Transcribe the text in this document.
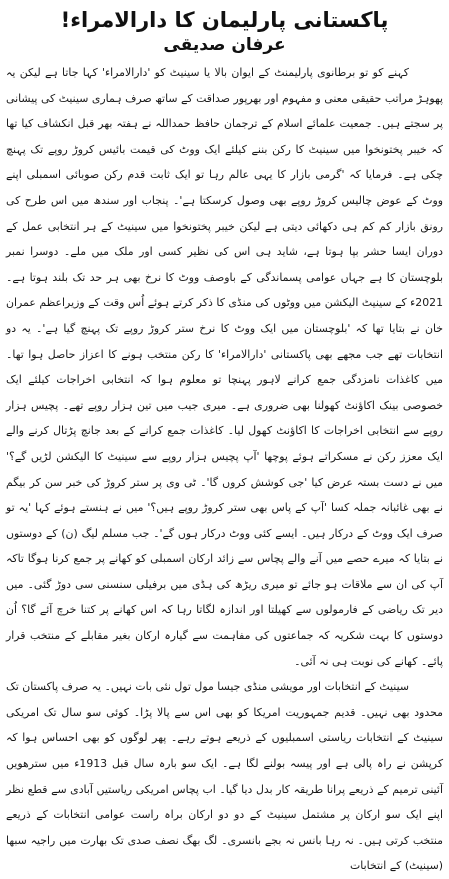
پاکستانی پارلیمان کا دارالامراء!
عرفان صدیقی

کہنے کو تو برطانوی پارلیمنٹ کے ایوان بالا یا سینیٹ کو 'دارالامراء' کہا جاتا ہے لیکن یہ پھوہڑ مراتب حقیقی معنی و مفہوم اور بھرپور صداقت کے ساتھ صرف ہماری سینیٹ کی پیشانی پر سجتے ہیں۔ جمعیت علمائے اسلام کے ترجمان حافظ حمداللہ نے ہفتہ بھر قبل انکشاف کیا تھا کہ خیبر پختونخوا میں سینیٹ کا رکن بننے کیلئے ایک ووٹ کی قیمت بائیس کروڑ روپے تک پہنچ چکی ہے۔ فرمایا کہ 'گرمی بازار کا یہی عالم رہا تو ایک ثابت قدم رکن صوبائی اسمبلی اپنے ووٹ کے عوض چالیس کروڑ روپے بھی وصول کرسکتا ہے'۔ پنجاب اور سندھ میں اس طرح کی رونق بازار کم کم ہی دکھائی دیتی ہے لیکن خیبر پختونخوا میں سینیٹ کے ہر انتخابی عمل کے دوران ایسا حشر بپا ہوتا ہے، شاید ہی اس کی نظیر کسی اور ملک میں ملے۔ دوسرا نمبر بلوچستان کا ہے جہاں عوامی پسماندگی کے باوصف ووٹ کا نرخ بھی ہر حد تک بلند ہوتا ہے۔ 2021ء کے سینیٹ الیکشن میں ووٹوں کی منڈی کا ذکر کرتے ہوئے اُس وقت کے وزیراعظم عمران خان نے بتایا تھا کہ 'بلوچستان میں ایک ووٹ کا نرخ ستر کروڑ روپے تک پہنچ گیا ہے'۔ یہ دو انتخابات تھے جب مجھے بھی پاکستانی 'دارالامراء' کا رکن منتخب ہونے کا اعزاز حاصل ہوا تھا۔ میں کاغذات نامزدگی جمع کرانے لاہور پہنچا تو معلوم ہوا کہ انتخابی اخراجات کیلئے ایک خصوصی بینک اکاؤنٹ کھولنا بھی ضروری ہے۔ میری جیب میں تین ہزار روپے تھے۔ پچیس ہزار روپے سے انتخابی اخراجات کا اکاؤنٹ کھول لیا۔ کاغذات جمع کرانے کے بعد جانچ پڑتال کرنے والے ایک معزز رکن نے مسکراتے ہوئے پوچھا 'آپ پچیس ہزار روپے سے سینیٹ کا الیکشن لڑیں گے؟' میں نے دست بستہ عرض کیا 'جی کوشش کروں گا'۔ ٹی وی پر ستر کروڑ کی خبر سن کر بیگم نے بھی غائبانہ جملہ کسا 'آپ کے پاس بھی ستر کروڑ روپے ہیں؟' میں نے ہنستے ہوئے کہا 'یہ تو صرف ایک ووٹ کے درکار ہیں۔ ایسے کئی ووٹ درکار ہوں گے'۔ جب مسلم لیگ (ن) کے دوستوں نے بتایا کہ میرے حصے میں آنے والے پچاس سے زائد ارکان اسمبلی کو کھانے پر جمع کرنا ہوگا تاکہ آپ کی ان سے ملاقات ہو جائے تو میری ریڑھ کی ہڈی میں برفیلی سنسنی سی دوڑ گئی۔ میں دیر تک ریاضی کے فارمولوں سے کھیلتا اور اندازہ لگاتا رہا کہ اس کھانے پر کتنا خرچ آئے گا؟ اُن دوستوں کا بہت شکریہ کہ جماعتوں کی مفاہمت سے گیارہ ارکان بغیر مقابلے کے منتخب قرار پائے۔ کھانے کی نوبت ہی نہ آئی۔

سینیٹ کے انتخابات اور مویشی منڈی جیسا مول تول نئی بات نہیں۔ یہ صرف پاکستان تک محدود بھی نہیں۔ قدیم جمہوریت امریکا کو بھی اس سے پالا پڑا۔ کوئی سو سال تک امریکی سینیٹ کے انتخابات ریاستی اسمبلیوں کے ذریعے ہوتے رہے۔ پھر لوگوں کو بھی احساس ہوا کہ کرپشن نے راہ پالی ہے اور پیسہ بولنے لگا ہے۔ ایک سو بارہ سال قبل 1913ء میں سترھویں آئینی ترمیم کے ذریعے پرانا طریقہ کار بدل دیا گیا۔ اب پچاس امریکی ریاستیں آبادی سے قطع نظر اپنے ایک سو ارکان پر مشتمل سینیٹ کے دو دو ارکان براہ راست عوامی انتخابات کے ذریعے منتخب کرتی ہیں۔ نہ رہا بانس نہ بجے بانسری۔ لگ بھگ نصف صدی تک بھارت میں راجیہ سبھا (سینیٹ) کے انتخابات
